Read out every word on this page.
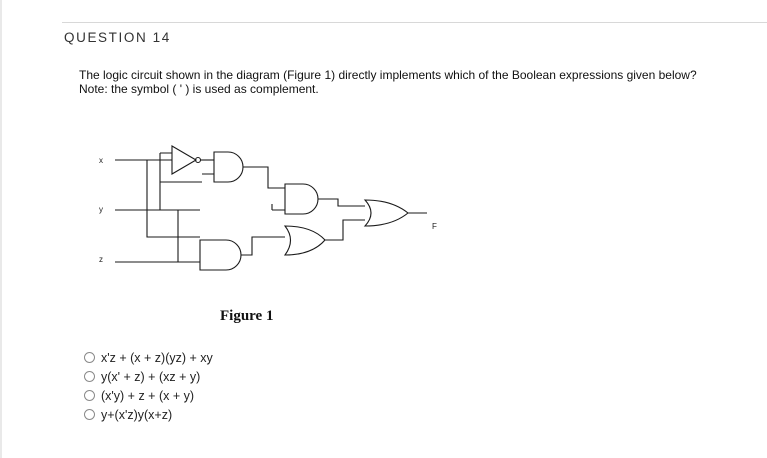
QUESTION 14
The logic circuit shown in the diagram (Figure 1) directly implements which of the Boolean expressions given below?
Note: the symbol ( ' ) is used as complement.
x
y
z
F
Figure 1
x'z + (x + z)(yz) + xy
y(x' + z) + (xz + y)
(x'y) + z + (x + y)
y+(x'z)y(x+z)
